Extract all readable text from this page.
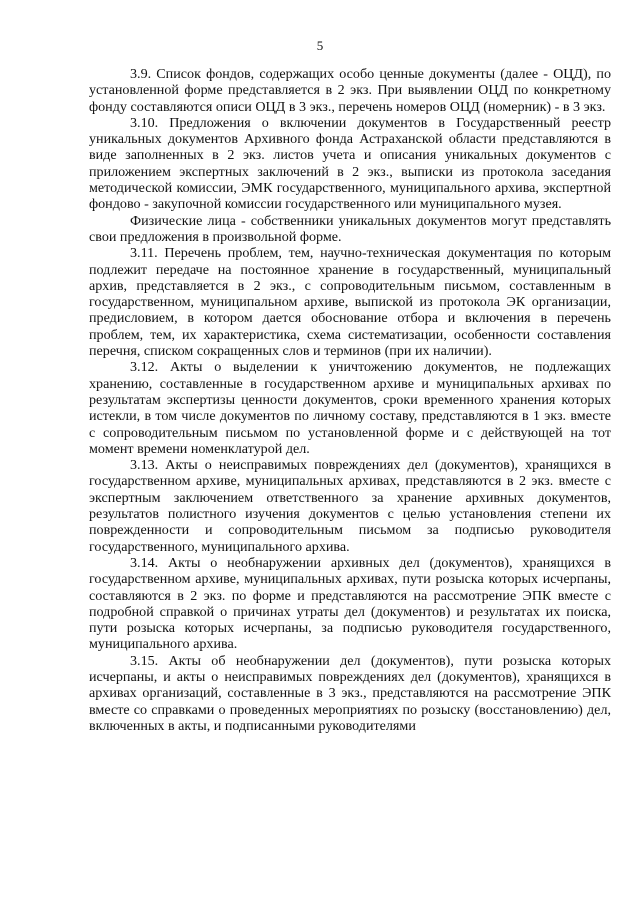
5

3.9. Список фондов, содержащих особо ценные документы (далее - ОЦД), по установленной форме представляется в 2 экз. При выявлении ОЦД по конкретному фонду составляются описи ОЦД в 3 экз., перечень номеров ОЦД (номерник) - в 3 экз.

3.10. Предложения о включении документов в Государственный реестр уникальных документов Архивного фонда Астраханской области представляются в виде заполненных в 2 экз. листов учета и описания уникальных документов с приложением экспертных заключений в 2 экз., выписки из протокола заседания методической комиссии, ЭМК государственного, муниципального архива, экспертной фондово - закупочной комиссии государственного или муниципального музея.

Физические лица - собственники уникальных документов могут представлять свои предложения в произвольной форме.

3.11. Перечень проблем, тем, научно-техническая документация по которым подлежит передаче на постоянное хранение в государственный, муниципальный архив, представляется в 2 экз., с сопроводительным письмом, составленным в государственном, муниципальном архиве, выпиской из протокола ЭК организации, предисловием, в котором дается обоснование отбора и включения в перечень проблем, тем, их характеристика, схема систематизации, особенности составления перечня, списком сокращенных слов и терминов (при их наличии).

3.12. Акты о выделении к уничтожению документов, не подлежащих хранению, составленные в государственном архиве и муниципальных архивах по результатам экспертизы ценности документов, сроки временного хранения которых истекли, в том числе документов по личному составу, представляются в 1 экз. вместе с сопроводительным письмом по установленной форме и с действующей на тот момент времени номенклатурой дел.

3.13. Акты о неисправимых повреждениях дел (документов), хранящихся в государственном архиве, муниципальных архивах, представляются в 2 экз. вместе с экспертным заключением ответственного за хранение архивных документов, результатов полистного изучения документов с целью установления степени их поврежденности и сопроводительным письмом за подписью руководителя государственного, муниципального архива.

3.14. Акты о необнаружении архивных дел (документов), хранящихся в государственном архиве, муниципальных архивах, пути розыска которых исчерпаны, составляются в 2 экз. по форме и представляются на рассмотрение ЭПК вместе с подробной справкой о причинах утраты дел (документов) и результатах их поиска, пути розыска которых исчерпаны, за подписью руководителя государственного, муниципального архива.

3.15. Акты об необнаружении дел (документов), пути розыска которых исчерпаны, и акты о неисправимых повреждениях дел (документов), хранящихся в архивах организаций, составленные в 3 экз., представляются на рассмотрение ЭПК вместе со справками о проведенных мероприятиях по розыску (восстановлению) дел, включенных в акты, и подписанными руководителями
